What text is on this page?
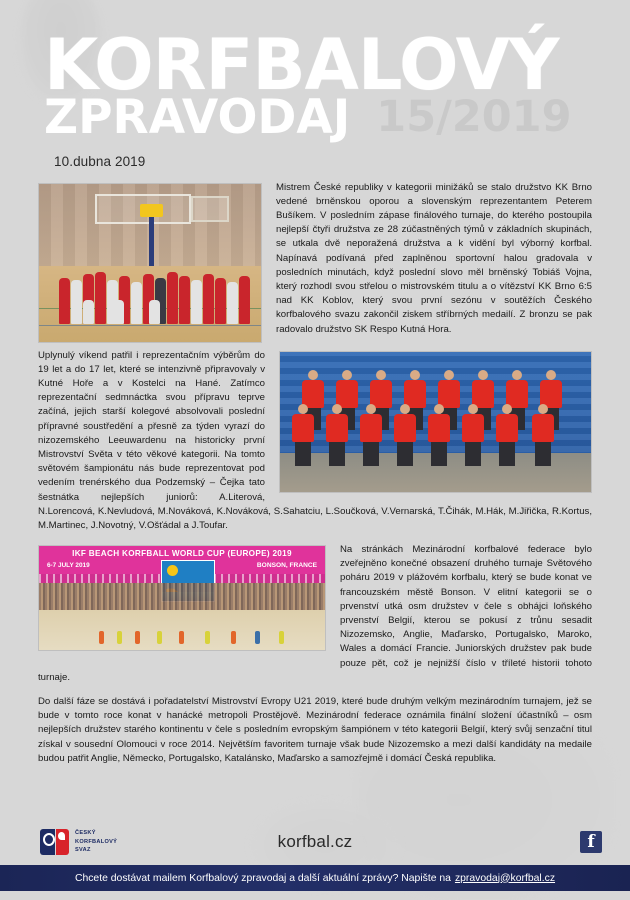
KORFBALOVÝ
ZPRAVODAJ 15/2019
10.dubna 2019

Mistrem České republiky v kategorii minižáků se stalo družstvo KK Brno vedené brněnskou oporou a slovenským reprezentantem Peterem Bušíkem. V posledním zápase finálového turnaje, do kterého postoupila nejlepší čtyři družstva ze 28 zúčastněných týmů v základních skupinách, se utkala dvě neporažená družstva a k vidění byl výborný korfbal. Napínavá podívaná před zaplněnou sportovní halou gradovala v posledních minutách, když poslední slovo měl brněnský Tobiáš Vojna, který rozhodl svou střelou o mistrovském titulu a o vítězství KK Brno 6:5 nad KK Koblov, který svou první sezónu v soutěžích Českého korfbalového svazu zakončil ziskem stříbrných medailí. Z bronzu se pak radovalo družstvo SK Respo Kutná Hora.

Uplynulý víkend patřil i reprezentačním výběrům do 19 let a do 17 let, které se intenzivně připravovaly v Kutné Hoře a v Kostelci na Hané. Zatímco reprezentační sedmnáctka svou přípravu teprve začíná, jejich starší kolegové absolvovali poslední přípravné soustředění a přesně za týden vyrazí do nizozemského Leeuwardenu na historicky první Mistrovství Světa v této věkové kategorii. Na tomto světovém šampionátu nás bude reprezentovat pod vedením trenérského dua Podzemský – Čejka tato šestnátka nejlepších juniorů: A.Literová, N.Lorencová, K.Nevludová, M.Nováková, K.Nováková, S.Sahatciu, L.Součková, V.Vernarská, T.Čihák, M.Hák, M.Jiřička, R.Kortus, M.Martinec, J.Novotný, V.Ošťádal a J.Toufar.

IKF BEACH KORFBALL WORLD CUP (EUROPE) 2019
6-7 JULY 2019	BONSON, FRANCE

Na stránkách Mezinárodní korfbalové federace bylo zveřejněno konečné obsazení druhého turnaje Světového poháru 2019 v plážovém korfbalu, který se bude konat ve francouzském městě Bonson. V elitní kategorii se o prvenství utká osm družstev v čele s obhájci loňského prvenství Belgií, kterou se pokusí z trůnu sesadit Nizozemsko, Anglie, Maďarsko, Portugalsko, Maroko, Wales a domácí Francie. Juniorských družstev pak bude pouze pět, což je nejnižší číslo v tříleté historii tohoto turnaje.

Do další fáze se dostává i pořadatelství Mistrovství Evropy U21 2019, které bude druhým velkým mezinárodním turnajem, jež se bude v tomto roce konat v hanácké metropoli Prostějově. Mezinárodní federace oznámila finální složení účastníků – osm nejlepších družstev starého kontinentu v čele s posledním evropským šampiónem v této kategorii Belgií, který svůj senzační titul získal v sousední Olomouci v roce 2014. Největším favoritem turnaje však bude Nizozemsko a mezi další kandidáty na medaile budou patřit Anglie, Německo, Portugalsko, Katalánsko, Maďarsko a samozřejmě i domácí Česká republika.

ČESKÝ
KORFBALOVÝ
SVAZ	korfbal.cz	f
Chcete dostávat mailem Korfbalový zpravodaj a další aktuální zprávy? Napište na zpravodaj@korfbal.cz
